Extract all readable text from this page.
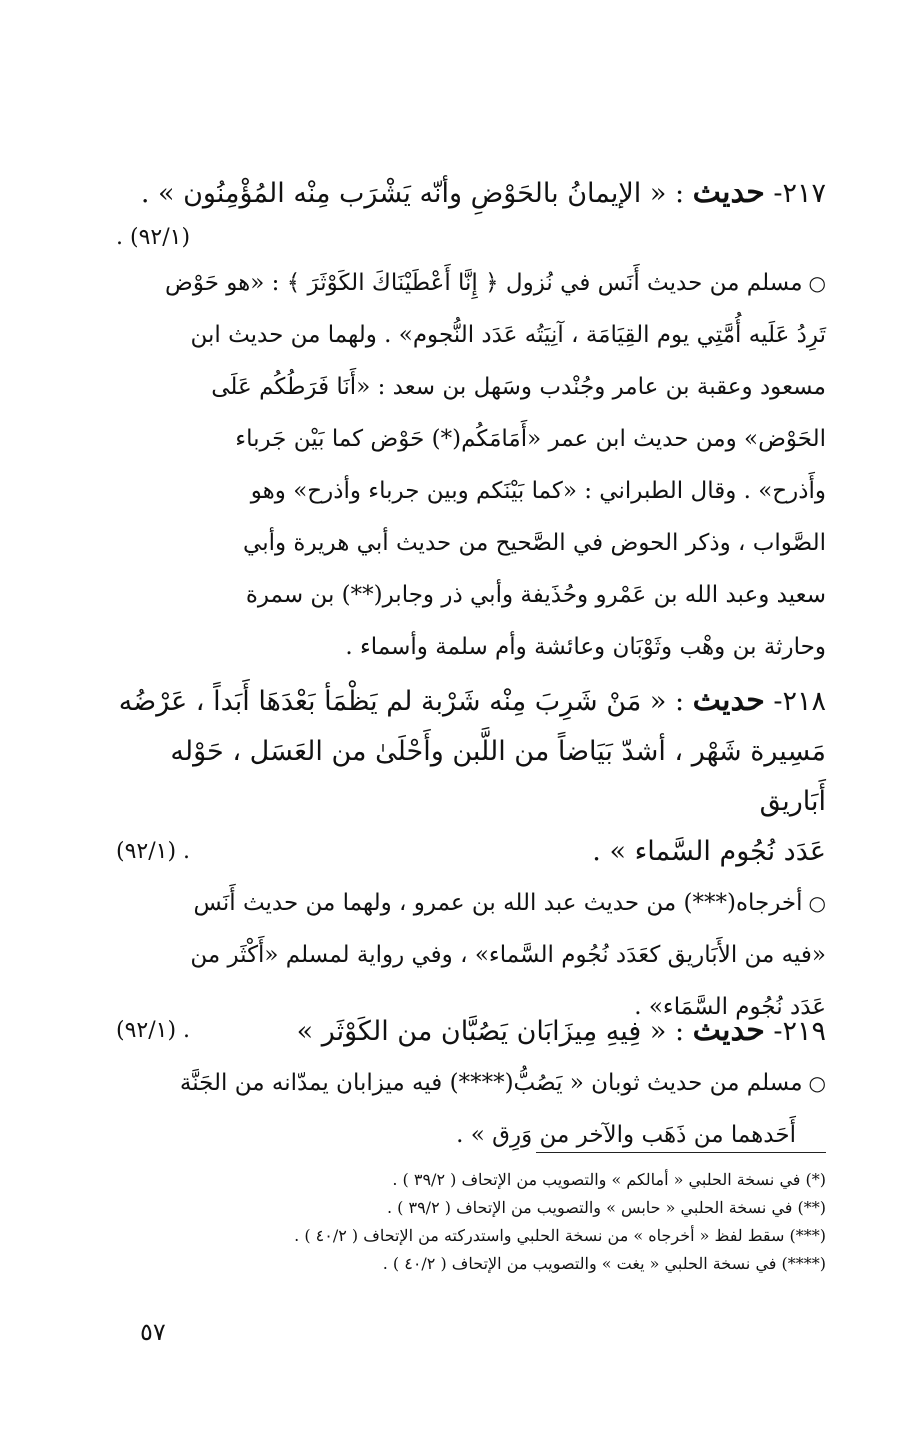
٢١٧- حديث : « الإيمانُ بالحَوْضِ وأنّه يَشْرَب مِنْه المُؤْمِنُون » .

. (٩٢/١)

○مسلم من حديث أَنَس في نُزول ﴿ إِنَّا أَعْطَيْنَاكَ الكَوْثَرَ ﴾ : «هو حَوْض

تَرِدُ عَلَيه أُمَّتِي يوم القِيَامَة ، آنِيَتُه عَدَد النُّجوم» . ولهما من حديث ابن

مسعود وعقبة بن عامر وجُنْدب وسَهل بن سعد : «أَنَا فَرَطُكُم عَلَى

الحَوْض» ومن حديث ابن عمر «أَمَامَكُم(*) حَوْض كما بَيْن جَرباء

وأَذرح» . وقال الطبراني : «كما بَيْنَكم وبين جرباء وأذرح» وهو

الصَّواب ، وذكر الحوض في الصَّحيح من حديث أبي هريرة وأبي

سعيد وعبد الله بن عَمْرو وحُذَيفة وأبي ذر وجابر(**) بن سمرة

وحارثة بن وهْب وثَوْبَان وعائشة وأم سلمة وأسماء .

٢١٨- حديث : « مَنْ شَرِبَ مِنْه شَرْبة لم يَظْمَأ بَعْدَهَا أَبَداً ، عَرْضُه

مَسِيرة شَهْر ، أشدّ بَيَاضاً من اللَّبن وأَحْلَىٰ من العَسَل ، حَوْله أَبَاريق

عَدَد نُجُوم السَّماء » .
. (٩٢/١)

○أخرجاه(***) من حديث عبد الله بن عمرو ، ولهما من حديث أَنَس

«فيه من الأَبَاريق كعَدَد نُجُوم السَّماء» ، وفي رواية لمسلم «أَكْثَر من

عَدَد نُجُوم السَّمَاء» .

٢١٩- حديث : « فِيهِ مِيزَابَان يَصُبَّان من الكَوْثَر »
. (٩٢/١)

○مسلم من حديث ثوبان « يَصُبُّ(****) فيه ميزابان يمدّانه من الجَنَّة

أَحَدهما من ذَهَب والآخر من وَرِق » .

(*) في نسخة الحلبي « أمالكم » والتصويب من الإتحاف ( ٣٩/٢ ) .

(**) في نسخة الحلبي « حابس » والتصويب من الإتحاف ( ٣٩/٢ ) .

(***) سقط لفظ « أخرجاه » من نسخة الحلبي واستدركته من الإتحاف ( ٤٠/٢ ) .

(****) في نسخة الحلبي « يغت » والتصويب من الإتحاف ( ٤٠/٢ ) .

٥٧
